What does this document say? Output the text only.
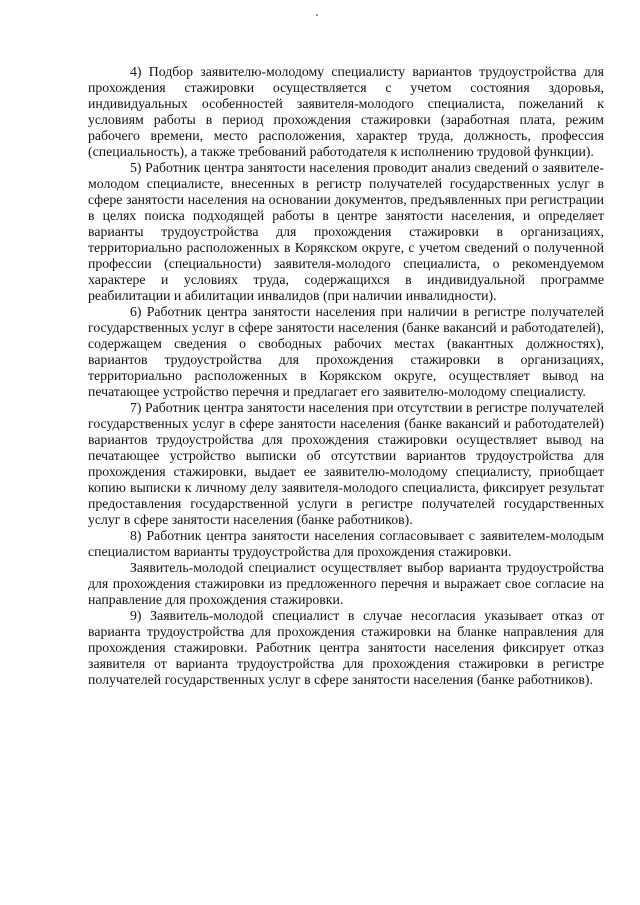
4) Подбор заявителю-молодому специалисту вариантов трудоустройства для прохождения стажировки осуществляется с учетом состояния здоровья, индивидуальных особенностей заявителя-молодого специалиста, пожеланий к условиям работы в период прохождения стажировки (заработная плата, режим рабочего времени, место расположения, характер труда, должность, профессия (специальность), а также требований работодателя к исполнению трудовой функции).

5) Работник центра занятости населения проводит анализ сведений о заявителе-молодом специалисте, внесенных в регистр получателей государственных услуг в сфере занятости населения на основании документов, предъявленных при регистрации в целях поиска подходящей работы в центре занятости населения, и определяет варианты трудоустройства для прохождения стажировки в организациях, территориально расположенных в Корякском округе, с учетом сведений о полученной профессии (специальности) заявителя-молодого специалиста, о рекомендуемом характере и условиях труда, содержащихся в индивидуальной программе реабилитации и абилитации инвалидов (при наличии инвалидности).

6) Работник центра занятости населения при наличии в регистре получателей государственных услуг в сфере занятости населения (банке вакансий и работодателей), содержащем сведения о свободных рабочих местах (вакантных должностях), вариантов трудоустройства для прохождения стажировки в организациях, территориально расположенных в Корякском округе, осуществляет вывод на печатающее устройство перечня и предлагает его заявителю-молодому специалисту.

7) Работник центра занятости населения при отсутствии в регистре получателей государственных услуг в сфере занятости населения (банке вакансий и работодателей) вариантов трудоустройства для прохождения стажировки осуществляет вывод на печатающее устройство выписки об отсутствии вариантов трудоустройства для прохождения стажировки, выдает ее заявителю-молодому специалисту, приобщает копию выписки к личному делу заявителя-молодого специалиста, фиксирует результат предоставления государственной услуги в регистре получателей государственных услуг в сфере занятости населения (банке работников).

8) Работник центра занятости населения согласовывает с заявителем-молодым специалистом варианты трудоустройства для прохождения стажировки.

Заявитель-молодой специалист осуществляет выбор варианта трудоустройства для прохождения стажировки из предложенного перечня и выражает свое согласие на направление для прохождения стажировки.

9) Заявитель-молодой специалист в случае несогласия указывает отказ от варианта трудоустройства для прохождения стажировки на бланке направления для прохождения стажировки. Работник центра занятости населения фиксирует отказ заявителя от варианта трудоустройства для прохождения стажировки в регистре получателей государственных услуг в сфере занятости населения (банке работников).
